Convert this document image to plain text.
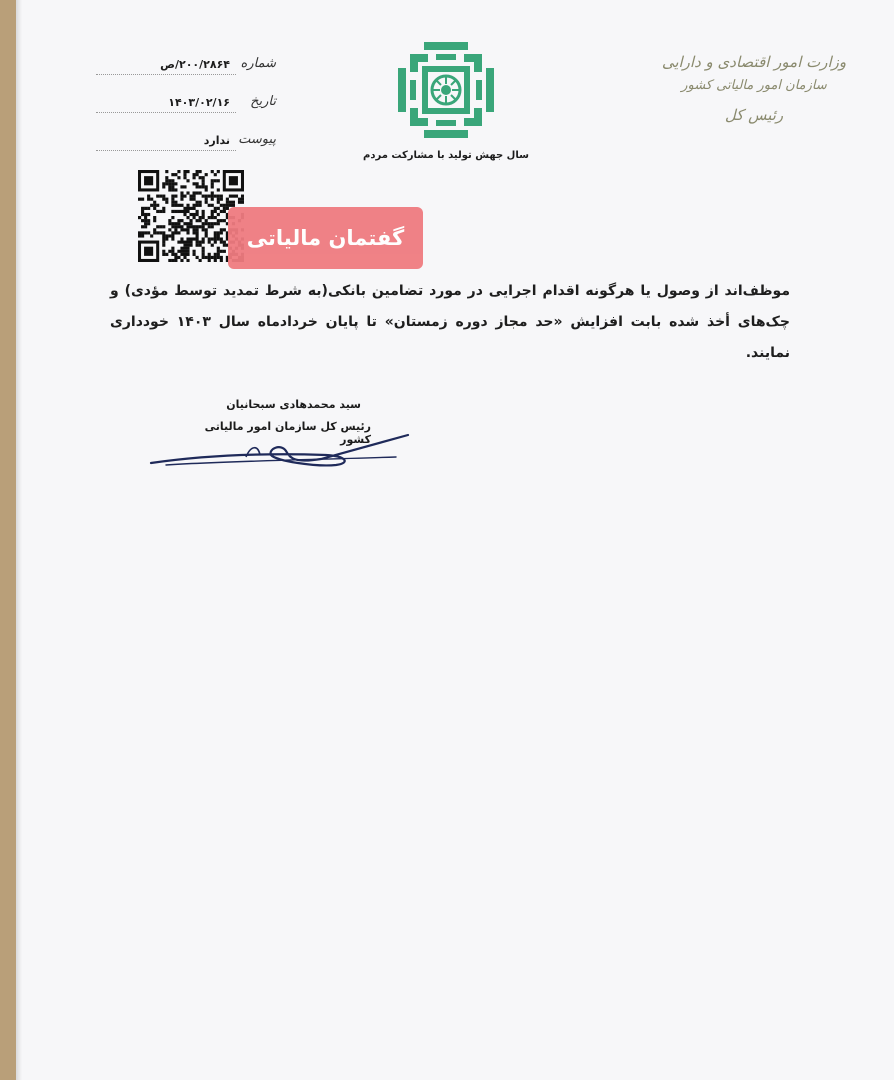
وزارت امور اقتصادی و دارایی
سازمان امور مالیاتی کشور
رئیس کل
سال جهش تولید با مشارکت مردم
شماره
۲۰۰/۲۸۶۴/ص
تاریخ
۱۴۰۳/۰۲/۱۶
پیوست
ندارد
گفتمان مالیاتی
موظف‌اند از وصول یا هرگونه اقدام اجرایی در مورد تضامین بانکی(به شرط تمدید توسط مؤدی) و چک‌های أخذ شده بابت افزایش «حد مجاز دوره زمستان» تا پایان خردادماه سال ۱۴۰۳ خودداری نمایند.
سید محمدهادی سبحانیان
رئیس کل سازمان امور مالیاتی کشور
